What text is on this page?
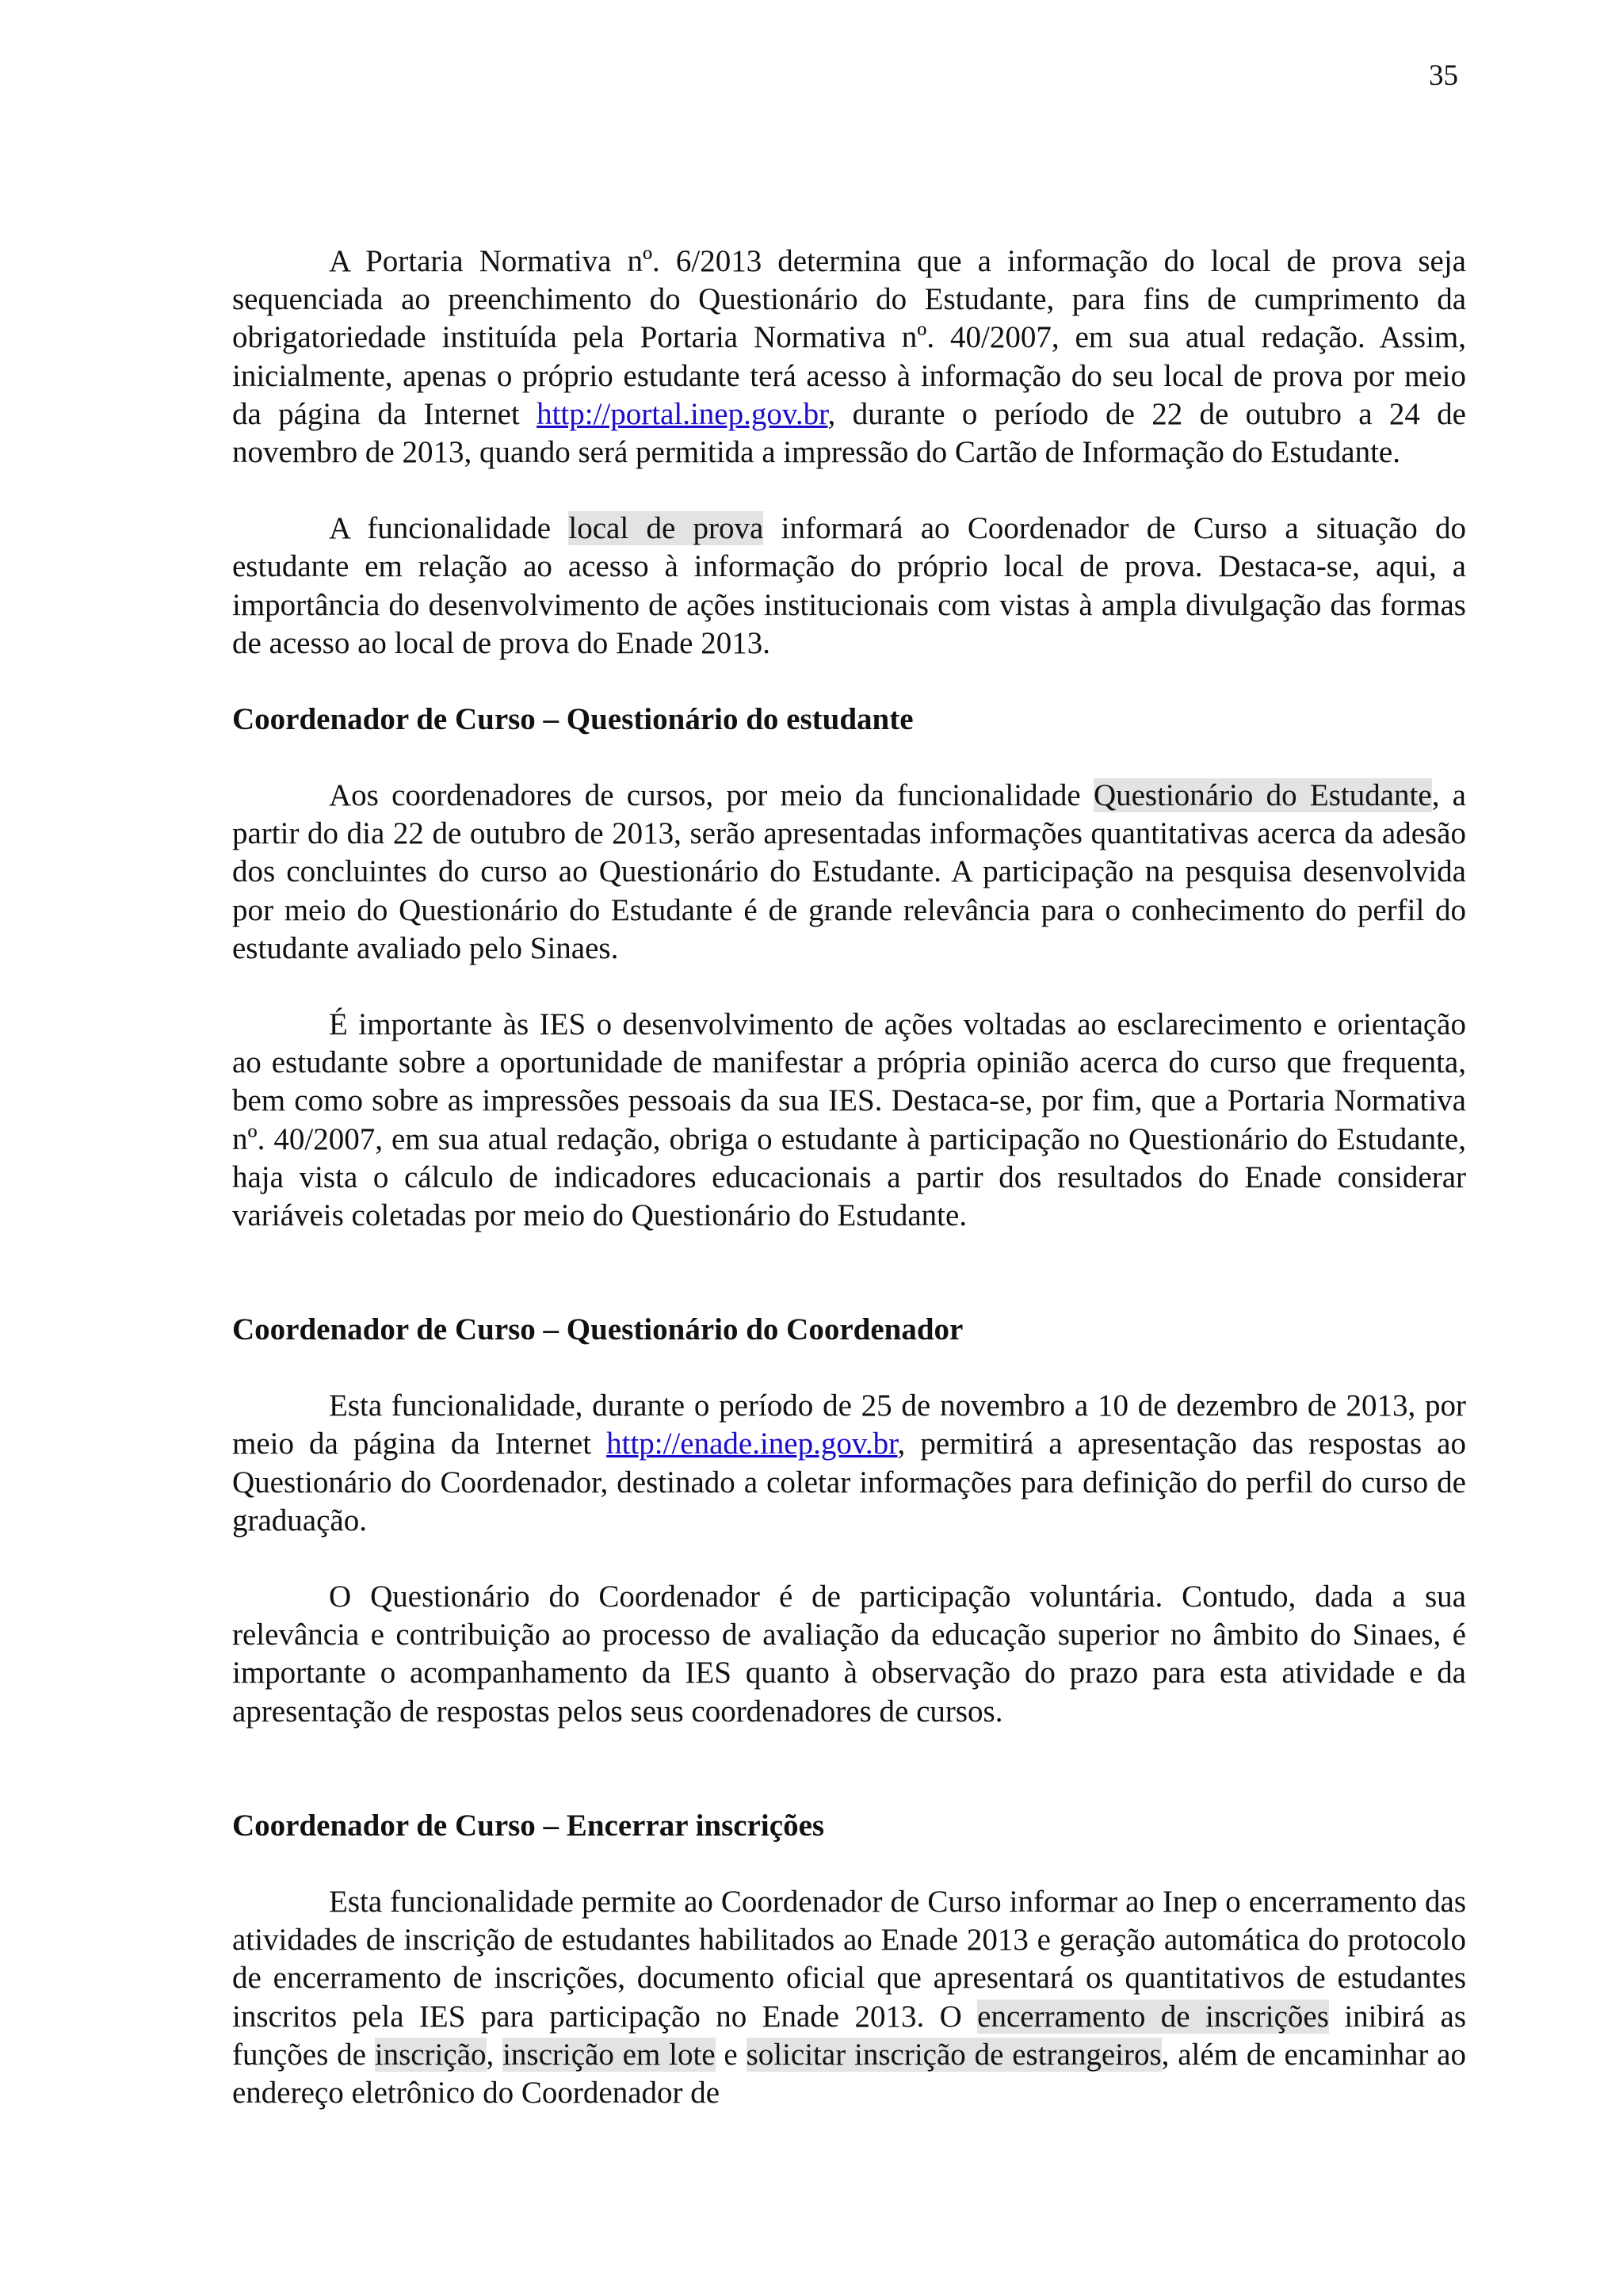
35

A Portaria Normativa nº. 6/2013 determina que a informação do local de prova seja sequenciada ao preenchimento do Questionário do Estudante, para fins de cumprimento da obrigatoriedade instituída pela Portaria Normativa nº. 40/2007, em sua atual redação. Assim, inicialmente, apenas o próprio estudante terá acesso à informação do seu local de prova por meio da página da Internet http://portal.inep.gov.br, durante o período de 22 de outubro a 24 de novembro de 2013, quando será permitida a impressão do Cartão de Informação do Estudante.

A funcionalidade local de prova informará ao Coordenador de Curso a situação do estudante em relação ao acesso à informação do próprio local de prova. Destaca-se, aqui, a importância do desenvolvimento de ações institucionais com vistas à ampla divulgação das formas de acesso ao local de prova do Enade 2013.

Coordenador de Curso – Questionário do estudante

Aos coordenadores de cursos, por meio da funcionalidade Questionário do Estudante, a partir do dia 22 de outubro de 2013, serão apresentadas informações quantitativas acerca da adesão dos concluintes do curso ao Questionário do Estudante. A participação na pesquisa desenvolvida por meio do Questionário do Estudante é de grande relevância para o conhecimento do perfil do estudante avaliado pelo Sinaes.

É importante às IES o desenvolvimento de ações voltadas ao esclarecimento e orientação ao estudante sobre a oportunidade de manifestar a própria opinião acerca do curso que frequenta, bem como sobre as impressões pessoais da sua IES. Destaca-se, por fim, que a Portaria Normativa nº. 40/2007, em sua atual redação, obriga o estudante à participação no Questionário do Estudante, haja vista o cálculo de indicadores educacionais a partir dos resultados do Enade considerar variáveis coletadas por meio do Questionário do Estudante.

Coordenador de Curso – Questionário do Coordenador

Esta funcionalidade, durante o período de 25 de novembro a 10 de dezembro de 2013, por meio da página da Internet http://enade.inep.gov.br, permitirá a apresentação das respostas ao Questionário do Coordenador, destinado a coletar informações para definição do perfil do curso de graduação.

O Questionário do Coordenador é de participação voluntária. Contudo, dada a sua relevância e contribuição ao processo de avaliação da educação superior no âmbito do Sinaes, é importante o acompanhamento da IES quanto à observação do prazo para esta atividade e da apresentação de respostas pelos seus coordenadores de cursos.

Coordenador de Curso – Encerrar inscrições

Esta funcionalidade permite ao Coordenador de Curso informar ao Inep o encerramento das atividades de inscrição de estudantes habilitados ao Enade 2013 e geração automática do protocolo de encerramento de inscrições, documento oficial que apresentará os quantitativos de estudantes inscritos pela IES para participação no Enade 2013. O encerramento de inscrições inibirá as funções de inscrição, inscrição em lote e solicitar inscrição de estrangeiros, além de encaminhar ao endereço eletrônico do Coordenador de
